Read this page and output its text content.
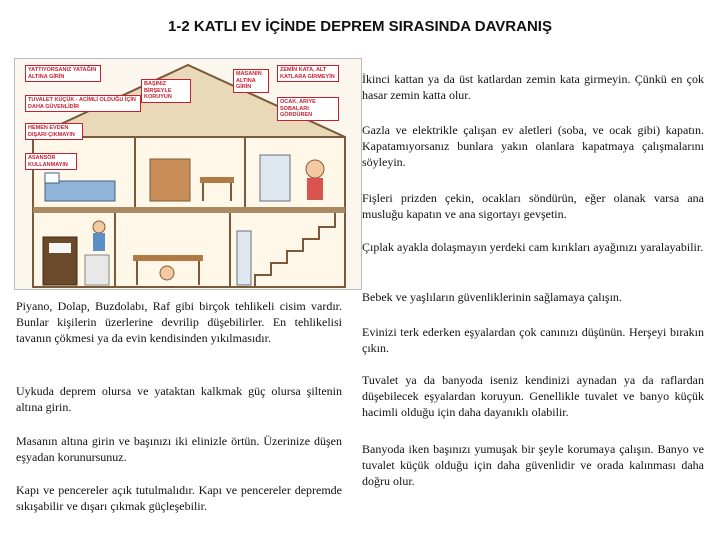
1-2 KATLI EV İÇİNDE DEPREM SIRASINDA DAVRANIŞ
YATTIYORSANIZ YATAĞIN ALTINA GİRİN
BAŞINIZ BİRŞEYLE KORUYUN
MASANIN ALTINA GİRİN
ZEMİN KATA, ALT KATLARA GİRMEYİN
TUVALET KÜÇÜK - ACİMLİ OLDUĞU İÇİN DAHA GÜVENLİDİR
OCAK, ARIYE SOBALARI GÖRDÜREN
HEMEN EVDEN DIŞARI ÇIKMAYIN
ASANSÖR KULLANMAYIN

İkinci kattan ya da üst katlardan zemin kata girmeyin. Çünkü en çok hasar zemin katta olur.

Gazla ve elektrikle çalışan ev aletleri (soba, ve ocak gibi) kapatın. Kapatamıyorsanız bunlara yakın olanlara kapatmaya çalışmalarını söyleyin.

Fişleri prizden çekin, ocakları söndürün, eğer olanak varsa ana musluğu kapatın ve ana sigortayı gevşetin.

Çıplak ayakla dolaşmayın yerdeki cam kırıkları ayağınızı yaralayabilir.

Bebek ve yaşlıların güvenliklerinin sağlamaya çalışın.

Evinizi terk ederken eşyalardan çok canınızı düşünün. Herşeyi bırakın çıkın.

Tuvalet ya da banyoda iseniz kendinizi aynadan ya da raflardan düşebilecek eşyalardan koruyun. Genellikle tuvalet ve banyo küçük hacimli olduğu için daha dayanıklı olabilir.

Banyoda iken başınızı yumuşak bir şeyle korumaya çalışın. Banyo ve tuvalet küçük olduğu için daha güvenlidir ve orada kalınması daha doğru olur.

Piyano, Dolap, Buzdolabı, Raf gibi birçok tehlikeli cisim vardır. Bunlar kişilerin üzerlerine devrilip düşebilirler. En tehlikelisi tavanın çökmesi ya da evin kendisinden yıkılmasıdır.

Uykuda deprem olursa ve yataktan kalkmak güç olursa şiltenin altına girin.

Masanın altına girin ve başınızı iki elinizle örtün. Üzerinize düşen eşyadan korunursunuz.

Kapı ve pencereler açık tutulmalıdır. Kapı ve pencereler depremde sıkışabilir ve dışarı çıkmak güçleşebilir.
